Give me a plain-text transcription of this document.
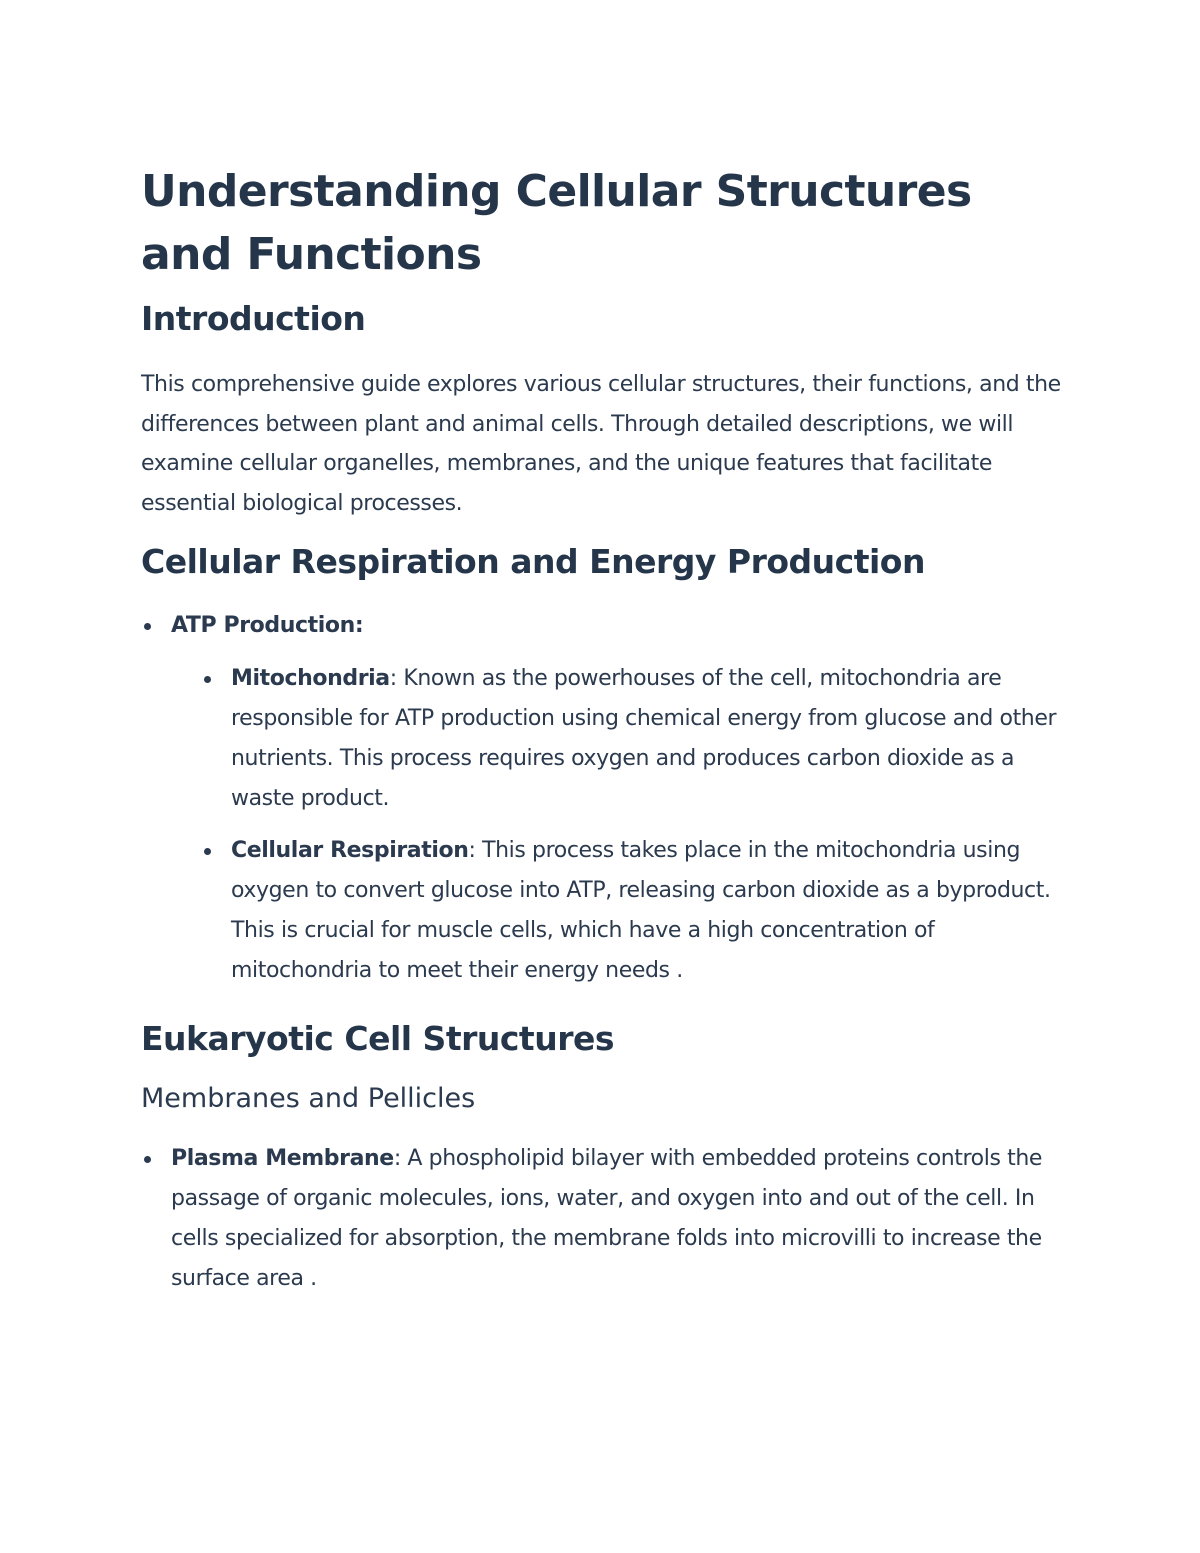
Understanding Cellular Structures and Functions
Introduction

This comprehensive guide explores various cellular structures, their functions, and the differences between plant and animal cells. Through detailed descriptions, we will examine cellular organelles, membranes, and the unique features that facilitate essential biological processes.

Cellular Respiration and Energy Production
ATP Production:
Mitochondria: Known as the powerhouses of the cell, mitochondria are responsible for ATP production using chemical energy from glucose and other nutrients. This process requires oxygen and produces carbon dioxide as a waste product.
Cellular Respiration: This process takes place in the mitochondria using oxygen to convert glucose into ATP, releasing carbon dioxide as a byproduct. This is crucial for muscle cells, which have a high concentration of mitochondria to meet their energy needs .
Eukaryotic Cell Structures
Membranes and Pellicles
Plasma Membrane: A phospholipid bilayer with embedded proteins controls the passage of organic molecules, ions, water, and oxygen into and out of the cell. In cells specialized for absorption, the membrane folds into microvilli to increase the surface area .
